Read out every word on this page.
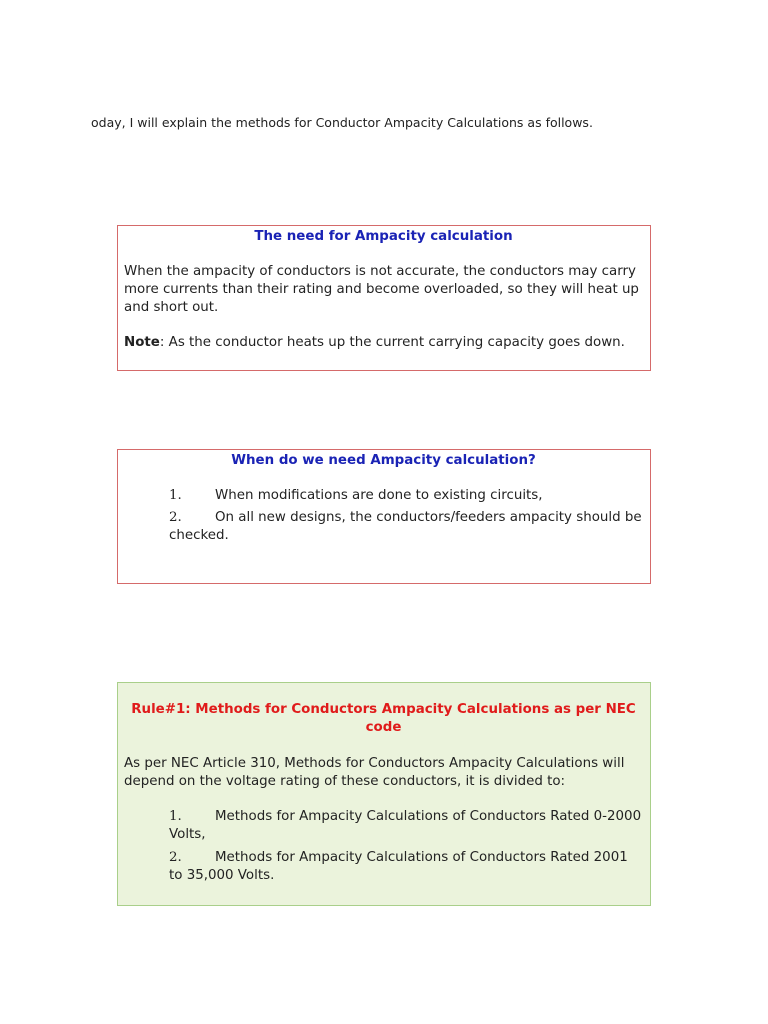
oday, I will explain the methods for Conductor Ampacity Calculations as follows.
The need for Ampacity calculation
When the ampacity of conductors is not accurate, the conductors may carry more currents than their rating and become overloaded, so they will heat up and short out.
Note: As the conductor heats up the current carrying capacity goes down.
When do we need Ampacity calculation?
1. When modifications are done to existing circuits,
2. On all new designs, the conductors/feeders ampacity should be checked.
Rule#1: Methods for Conductors Ampacity Calculations as per NEC code
As per NEC Article 310, Methods for Conductors Ampacity Calculations will depend on the voltage rating of these conductors, it is divided to:
1. Methods for Ampacity Calculations of Conductors Rated 0-2000 Volts,
2. Methods for Ampacity Calculations of Conductors Rated 2001 to 35,000 Volts.
